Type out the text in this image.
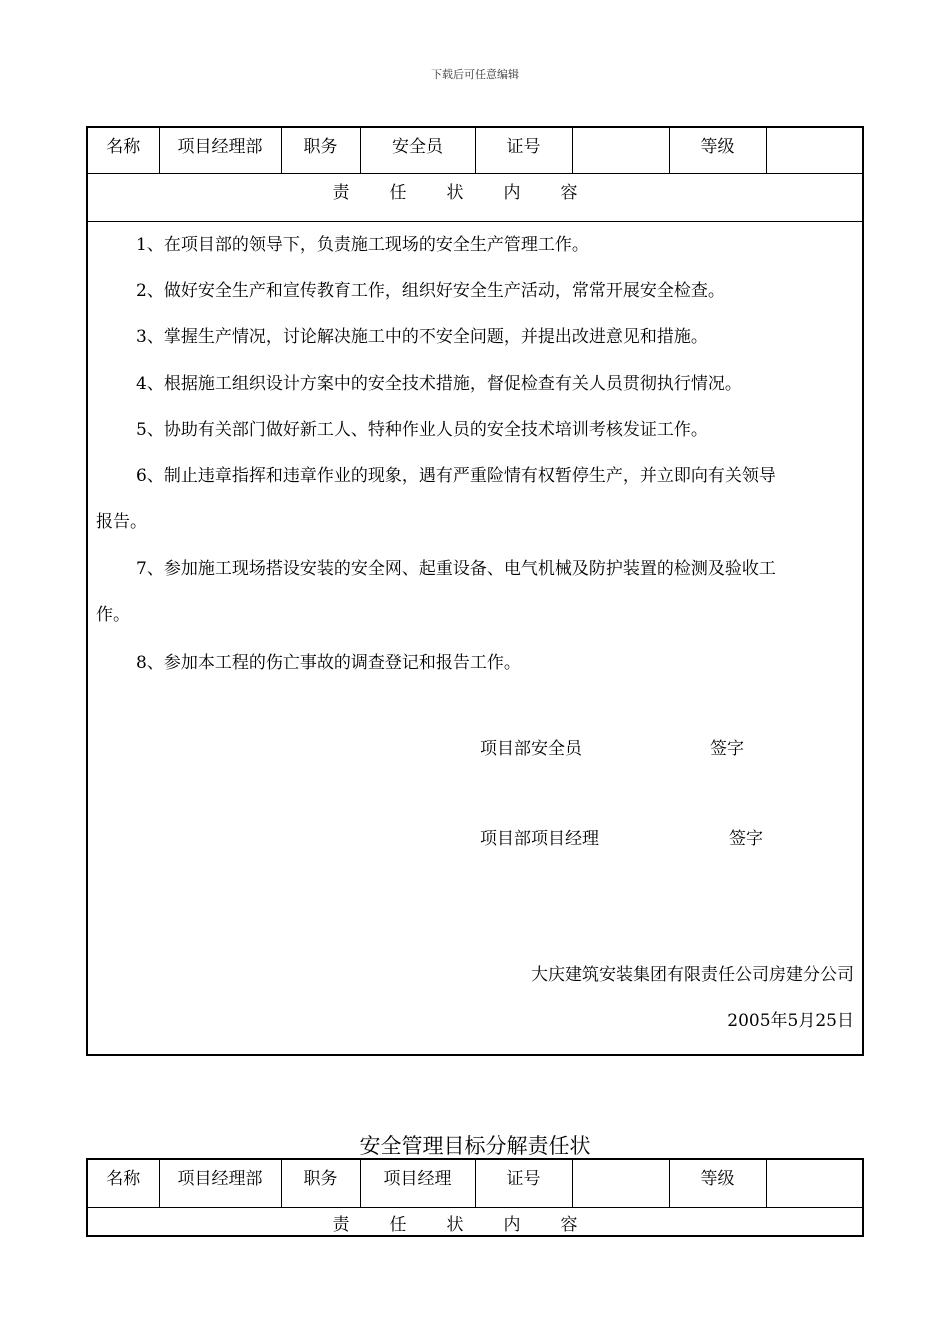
下载后可任意编辑
名称	项目经理部	职务	安全员	证号		等级	
责任状内容

1、在项目部的领导下，负责施工现场的安全生产管理工作。
2、做好安全生产和宣传教育工作，组织好安全生产活动，常常开展安全检查。
3、掌握生产情况，讨论解决施工中的不安全问题，并提出改进意见和措施。
4、根据施工组织设计方案中的安全技术措施，督促检查有关人员贯彻执行情况。
5、协助有关部门做好新工人、特种作业人员的安全技术培训考核发证工作。
6、制止违章指挥和违章作业的现象，遇有严重险情有权暂停生产，并立即向有关领导
报告。
7、参加施工现场搭设安装的安全网、起重设备、电气机械及防护装置的检测及验收工
作。
8、参加本工程的伤亡事故的调查登记和报告工作。
项目部安全员	签字
项目部项目经理	签字
大庆建筑安装集团有限责任公司房建分公司
2005年5月25日
安全管理目标分解责任状
名称	项目经理部	职务	项目经理	证号		等级	
责任状内容
